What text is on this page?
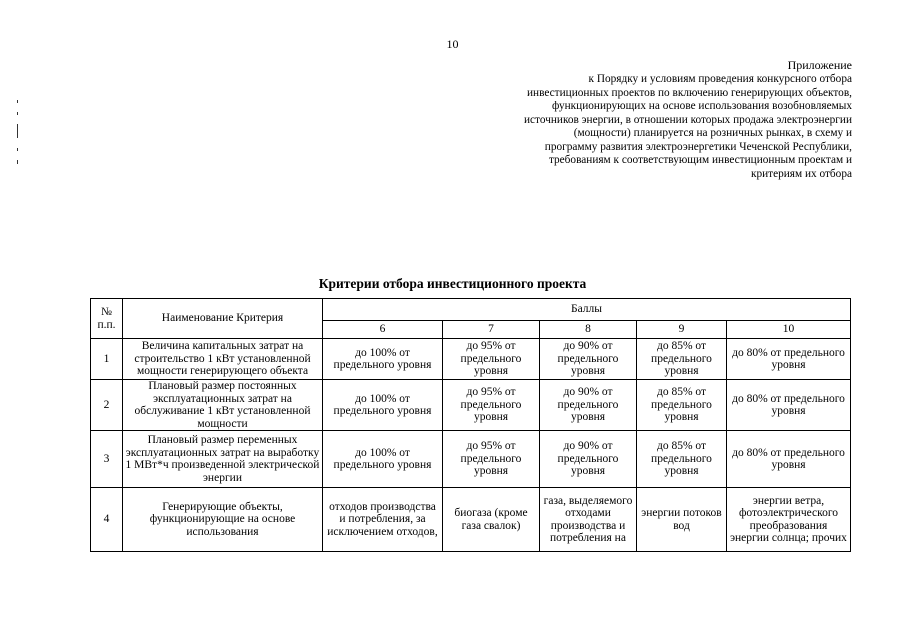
10
Приложение
к Порядку и условиям проведения конкурсного отбора инвестиционных проектов по включению генерирующих объектов, функционирующих на основе использования возобновляемых источников энергии, в отношении которых продажа электроэнергии (мощности) планируется на розничных рынках, в схему и программу развития электроэнергетики Чеченской Республики, требованиям к соответствующим инвестиционным проектам и критериям их отбора
Критерии отбора инвестиционного проекта
№ п.п.	Наименование Критерия	Баллы				
		6	7	8	9	10
1	Величина капитальных затрат на строительство 1 кВт установленной мощности генерирующего объекта	до 100% от предельного уровня	до 95% от предельного уровня	до 90% от предельного уровня	до 85% от предельного уровня	до 80% от предельного уровня
2	Плановый размер постоянных эксплуатационных затрат на обслуживание 1 кВт установленной мощности	до 100% от предельного уровня	до 95% от предельного уровня	до 90% от предельного уровня	до 85% от предельного уровня	до 80% от предельного уровня
3	Плановый размер переменных эксплуатационных затрат на выработку 1 МВт*ч произведенной электрической энергии	до 100% от предельного уровня	до 95% от предельного уровня	до 90% от предельного уровня	до 85% от предельного уровня	до 80% от предельного уровня
4	Генерирующие объекты, функционирующие на основе использования	отходов производства и потребления, за исключением отходов,	биогаза (кроме газа свалок)	газа, выделяемого отходами производства и потребления на	энергии потоков вод	энергии ветра, фотоэлектрического преобразования энергии солнца; прочих
